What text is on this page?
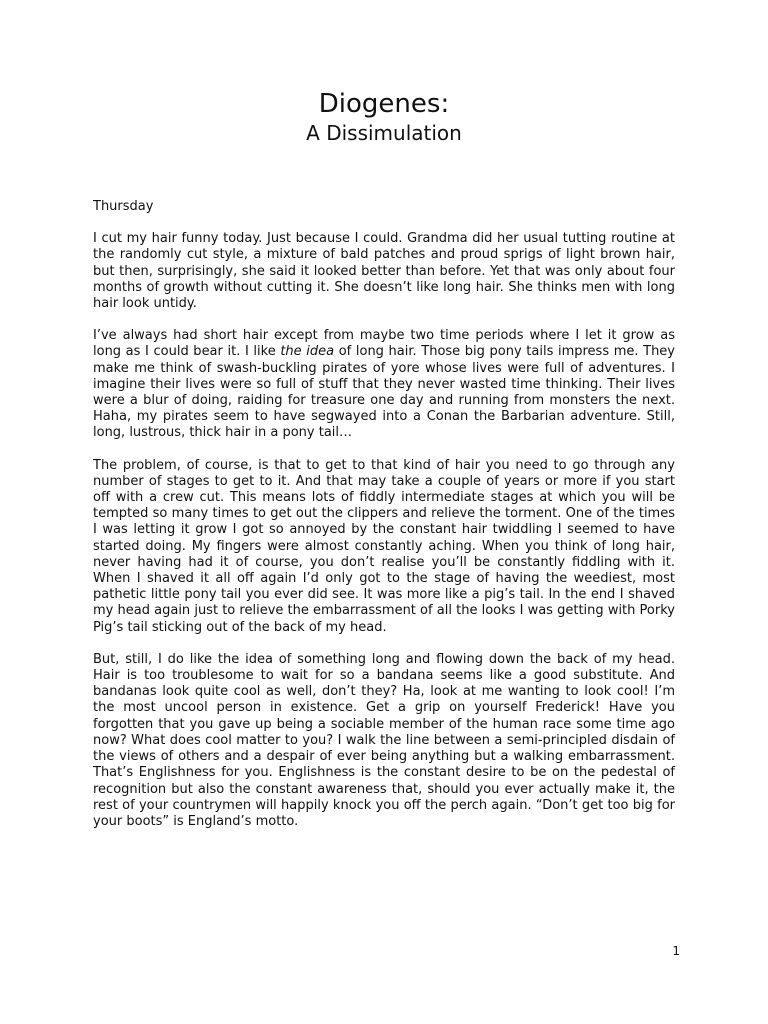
Diogenes:
A Dissimulation
Thursday

I cut my hair funny today. Just because I could. Grandma did her usual tutting routine at the randomly cut style, a mixture of bald patches and proud sprigs of light brown hair, but then, surprisingly, she said it looked better than before. Yet that was only about four months of growth without cutting it. She doesn’t like long hair. She thinks men with long hair look untidy.

I’ve always had short hair except from maybe two time periods where I let it grow as long as I could bear it. I like the idea of long hair. Those big pony tails impress me. They make me think of swash-buckling pirates of yore whose lives were full of adventures. I imagine their lives were so full of stuff that they never wasted time thinking. Their lives were a blur of doing, raiding for treasure one day and running from monsters the next. Haha, my pirates seem to have segwayed into a Conan the Barbarian adventure. Still, long, lustrous, thick hair in a pony tail…

The problem, of course, is that to get to that kind of hair you need to go through any number of stages to get to it. And that may take a couple of years or more if you start off with a crew cut. This means lots of fiddly intermediate stages at which you will be tempted so many times to get out the clippers and relieve the torment. One of the times I was letting it grow I got so annoyed by the constant hair twiddling I seemed to have started doing. My fingers were almost constantly aching. When you think of long hair, never having had it of course, you don’t realise you’ll be constantly fiddling with it. When I shaved it all off again I’d only got to the stage of having the weediest, most pathetic little pony tail you ever did see. It was more like a pig’s tail. In the end I shaved my head again just to relieve the embarrassment of all the looks I was getting with Porky Pig’s tail sticking out of the back of my head.

But, still, I do like the idea of something long and flowing down the back of my head. Hair is too troublesome to wait for so a bandana seems like a good substitute. And bandanas look quite cool as well, don’t they? Ha, look at me wanting to look cool! I’m the most uncool person in existence. Get a grip on yourself Frederick! Have you forgotten that you gave up being a sociable member of the human race some time ago now? What does cool matter to you? I walk the line between a semi-principled disdain of the views of others and a despair of ever being anything but a walking embarrassment. That’s Englishness for you. Englishness is the constant desire to be on the pedestal of recognition but also the constant awareness that, should you ever actually make it, the rest of your countrymen will happily knock you off the perch again. “Don’t get too big for your boots” is England’s motto.

1
